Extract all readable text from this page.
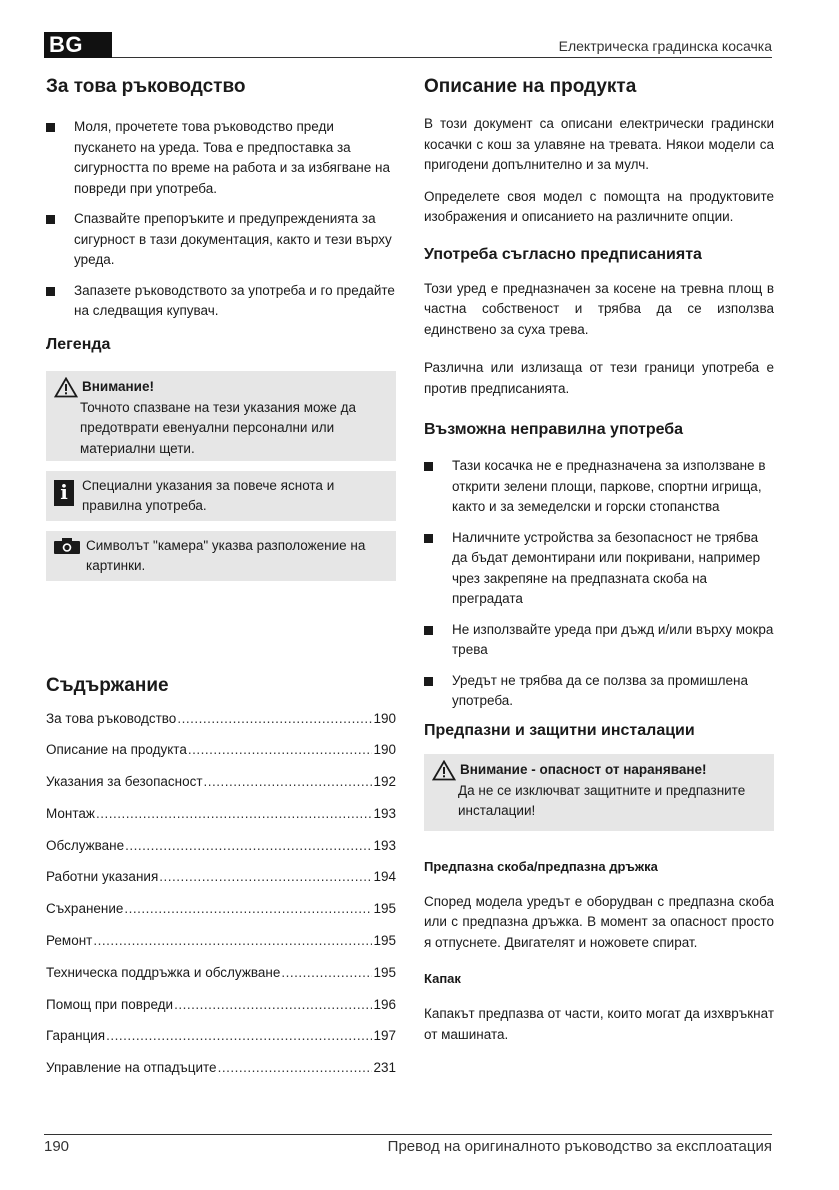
BG	Електрическа градинска косачка
За това ръководство
Моля, прочетете това ръководство преди пускането на уреда. Това е предпоставка за сигурността по време на работа и за избягване на повреди при употреба.
Спазвайте препоръките и предупрежденията за сигурност в тази документация, както и тези върху уреда.
Запазете ръководството за употреба и го предайте на следващия купувач.
Легенда
Внимание!
Точното спазване на тези указания може да предотврати евенуални персонални или материални щети.
i	Специални указания за повече яснота и правилна употреба.
Символът "камера" указва разположение на картинки.
Съдържание
За това ръководство .....	190
Описание на продукта .....	190
Указания за безопасност .....	192
Монтаж .....	193
Обслужване .....	193
Работни указания .....	194
Съхранение .....	195
Ремонт .....	195
Техническа поддръжка и обслужване .....	195
Помощ при повреди .....	196
Гаранция .....	197
Управление на отпадъците .....	231
Описание на продукта

В този документ са описани електрически градински косачки с кош за улавяне на тревата. Някои модели са пригодени допълнително и за мулч.

Определете своя модел с помощта на продуктовите изображения и описанието на различните опции.

Употреба съгласно предписанията

Този уред е предназначен за косене на тревна площ в частна собственост и трябва да се използва единствено за суха трева.

Различна или излизаща от тези граници употреба е против предписанията.

Възможна неправилна употреба
Тази косачка не е предназначена за използване в открити зелени площи, паркове, спортни игрища, както и за земеделски и горски стопанства
Наличните устройства за безопасност не трябва да бъдат демонтирани или покривани, например чрез закрепяне на предпазната скоба на преградата
Не използвайте уреда при дъжд и/или върху мокра трева
Уредът не трябва да се ползва за промишлена употреба.
Предпазни и защитни инсталации
Внимание - опасност от нараняване!
Да не се изключват защитните и предпазните инсталации!
Предпазна скоба/предпазна дръжка

Според модела уредът е оборудван с предпазна скоба или с предпазна дръжка. В момент за опасност просто я отпуснете. Двигателят и ножовете спират.

Капак

Капакът предпазва от части, които могат да изхвръкнат от машината.

190	Превод на оригиналното ръководство за експлоатация
